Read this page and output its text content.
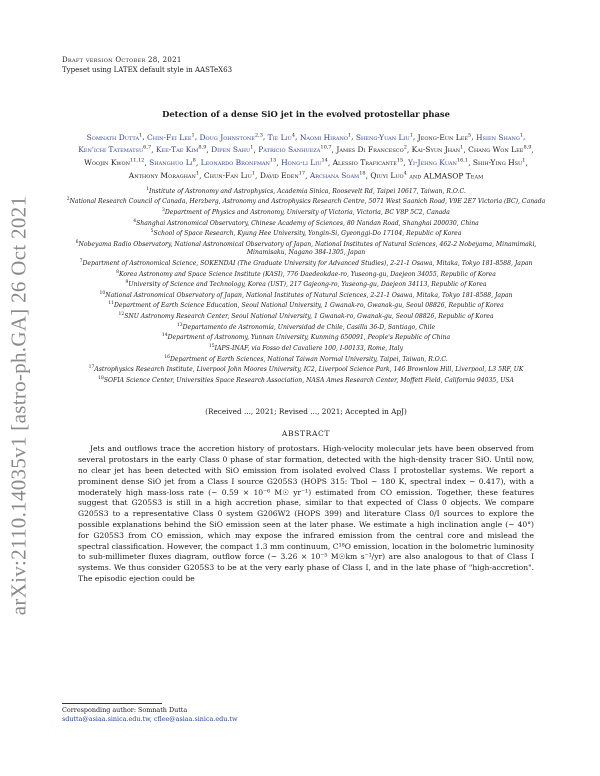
arXiv:2110.14035v1 [astro-ph.GA] 26 Oct 2021
Draft version October 28, 2021
Typeset using LATEX default style in AASTeX63
Detection of a dense SiO jet in the evolved protostellar phase
Somnath Dutta$^1$, Chin-Fei Lee$^1$, Doug Johnstone$^{2,3}$, Tie Liu$^4$, Naomi Hirano$^1$, Sheng-Yuan Liu$^1$, Jeong-Eun Lee$^5$, Hsien Shang$^1$, Ken'ichi Tatematsu$^{6,7}$, Kee-Tae Kim$^{8,9}$, Dipen Sahu$^1$, Patricio Sanhueza$^{10,7}$, James Di Francesco$^2$, Kai-Syun Jhan$^1$, Chang Won Lee$^{8,9}$, Woojin Kwon$^{11,12}$, Shanghuo Li$^8$, Leonardo Bronfman$^{13}$, Hong-li Liu$^{14}$, Alessio Traficante$^{15}$, Yi-Jehng Kuan$^{16,1}$, Shih-Ying Hsu$^1$, Anthony Moraghan$^1$, Chun-Fan Liu$^1$, David Eden$^{17}$, Archana Soam$^{18}$, Qiuyi Luo$^4$ and ALMASOP Team
$^1$Institute of Astronomy and Astrophysics, Academia Sinica, Roosevelt Rd, Taipei 10617, Taiwan, R.O.C.
$^2$National Research Council of Canada, Herzberg, Astronomy and Astrophysics Research Centre, 5071 West Saanich Road, V9E 2E7 Victoria (BC), Canada
$^3$Department of Physics and Astronomy, University of Victoria, Victoria, BC V8P 5C2, Canada
$^4$Shanghai Astronomical Observatory, Chinese Academy of Sciences, 80 Nandan Road, Shanghai 200030, China
$^5$School of Space Research, Kyung Hee University, Yongin-Si, Gyeonggi-Do 17104, Republic of Korea
$^6$Nobeyama Radio Observatory, National Astronomical Observatory of Japan, National Institutes of Natural Sciences, 462-2 Nobeyama, Minamimaki, Minamisaku, Nagano 384-1305, Japan
$^7$Department of Astronomical Science, SOKENDAI (The Graduate University for Advanced Studies), 2-21-1 Osawa, Mitaka, Tokyo 181-8588, Japan
$^8$Korea Astronomy and Space Science Institute (KASI), 776 Daedeokdae-ro, Yuseong-gu, Daejeon 34055, Republic of Korea
$^9$University of Science and Technology, Korea (UST), 217 Gajeong-ro, Yuseong-gu, Daejeon 34113, Republic of Korea
$^{10}$National Astronomical Observatory of Japan, National Institutes of Natural Sciences, 2-21-1 Osawa, Mitaka, Tokyo 181-8588, Japan
$^{11}$Department of Earth Science Education, Seoul National University, 1 Gwanak-ro, Gwanak-gu, Seoul 08826, Republic of Korea
$^{12}$SNU Astronomy Research Center, Seoul National University, 1 Gwanak-ro, Gwanak-gu, Seoul 08826, Republic of Korea
$^{13}$Departamento de Astronomía, Universidad de Chile, Casilla 36-D, Santiago, Chile
$^{14}$Department of Astronomy, Yunnan University, Kunming 650091, People's Republic of China
$^{15}$IAPS-INAF, via Fosso del Cavaliere 100, I-00133, Rome, Italy
$^{16}$Department of Earth Sciences, National Taiwan Normal University, Taipei, Taiwan, R.O.C.
$^{17}$Astrophysics Research Institute, Liverpool John Moores University, IC2, Liverpool Science Park, 146 Brownlow Hill, Liverpool, L3 5RF, UK
$^{18}$SOFIA Science Center, Universities Space Research Association, NASA Ames Research Center, Moffett Field, California 94035, USA
(Received ..., 2021; Revised ..., 2021; Accepted in ApJ)
ABSTRACT
Jets and outflows trace the accretion history of protostars. High-velocity molecular jets have been observed from several protostars in the early Class 0 phase of star formation, detected with the high-density tracer SiO. Until now, no clear jet has been detected with SiO emission from isolated evolved Class I protostellar systems. We report a prominent dense SiO jet from a Class I source G205S3 (HOPS 315: Tbol ~ 180 K, spectral index ~ 0.417), with a moderately high mass-loss rate (~ 0.59 × 10⁻⁶ M☉ yr⁻¹) estimated from CO emission. Together, these features suggest that G205S3 is still in a high accretion phase, similar to that expected of Class 0 objects. We compare G205S3 to a representative Class 0 system G206W2 (HOPS 399) and literature Class 0/I sources to explore the possible explanations behind the SiO emission seen at the later phase. We estimate a high inclination angle (~ 40°) for G205S3 from CO emission, which may expose the infrared emission from the central core and mislead the spectral classification. However, the compact 1.3 mm continuum, C¹⁸O emission, location in the bolometric luminosity to sub-millimeter fluxes diagram, outflow force (~ 3.26 × 10⁻⁵ M☉km s⁻¹/yr) are also analogous to that of Class I systems. We thus consider G205S3 to be at the very early phase of Class I, and in the late phase of "high-accretion". The episodic ejection could be
Corresponding author: Somnath Dutta
sdutta@asiaa.sinica.edu.tw, cflee@asiaa.sinica.edu.tw
